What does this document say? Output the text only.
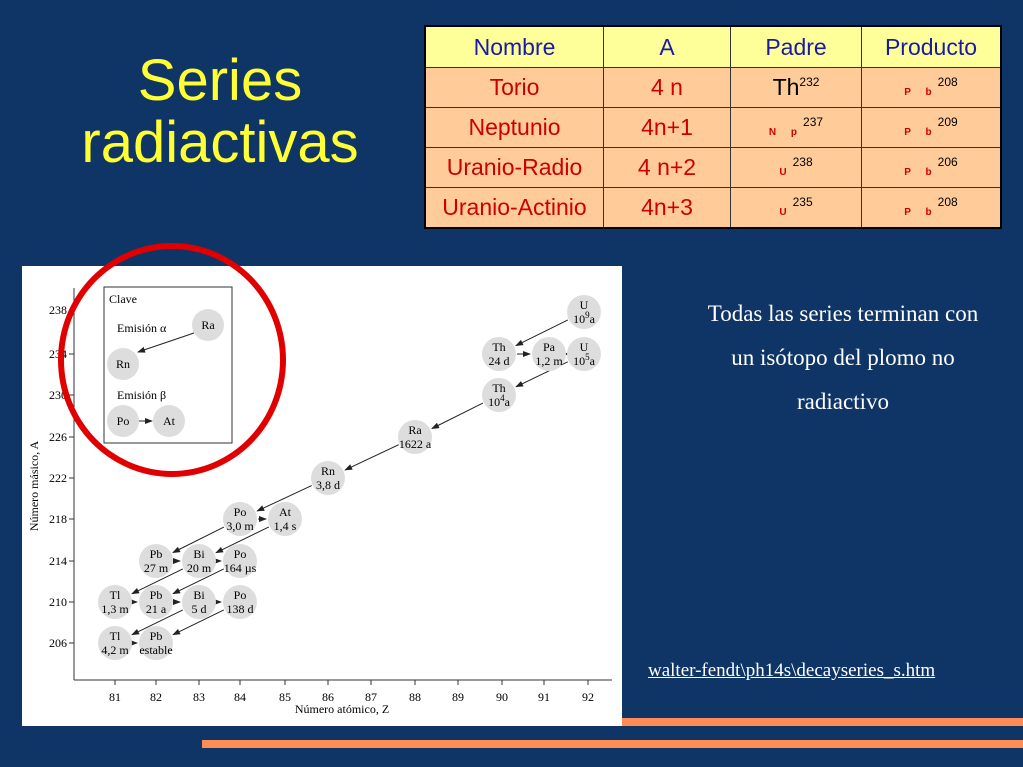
Series
radiactivas
Nombre	A	Padre	Producto
Torio	4 n	Th$^{232}$	P $b^{208}$
Neptunio	4n+1	N $p^{237}$	P $b^{209}$
Uranio-Radio	4 n+2	$U^{238}$	P $b^{206}$
Uranio-Actinio	4n+3	$U^{235}$	P $b^{208}$
81 82	83 84	85	86	87	88	89	90	91	92
206
210
214
218
222
226
230
234
238
Número atómico, Z
Número másico, A
Clave
Emisión α	Ra
Rn
Emisión β
Po	At
U
$10^9a$
Th
24 d
Pa
1,2 m
U
$10^5a$
Th
$10^4a$
Ra
1622 a
Rn
3,8 d
Po
3,0 m
At
1,4 s
Pb
27 m
Bi
20 m
Po
164 µs
Tl
1,3 m
Pb
21 a
Bi
5 d
Po
138 d
Tl
4,2 m
Pb
estable
Todas las series terminan con
un isótopo del plomo no
radiactivo
walter-fendt\ph14s\decayseries_s.htm
